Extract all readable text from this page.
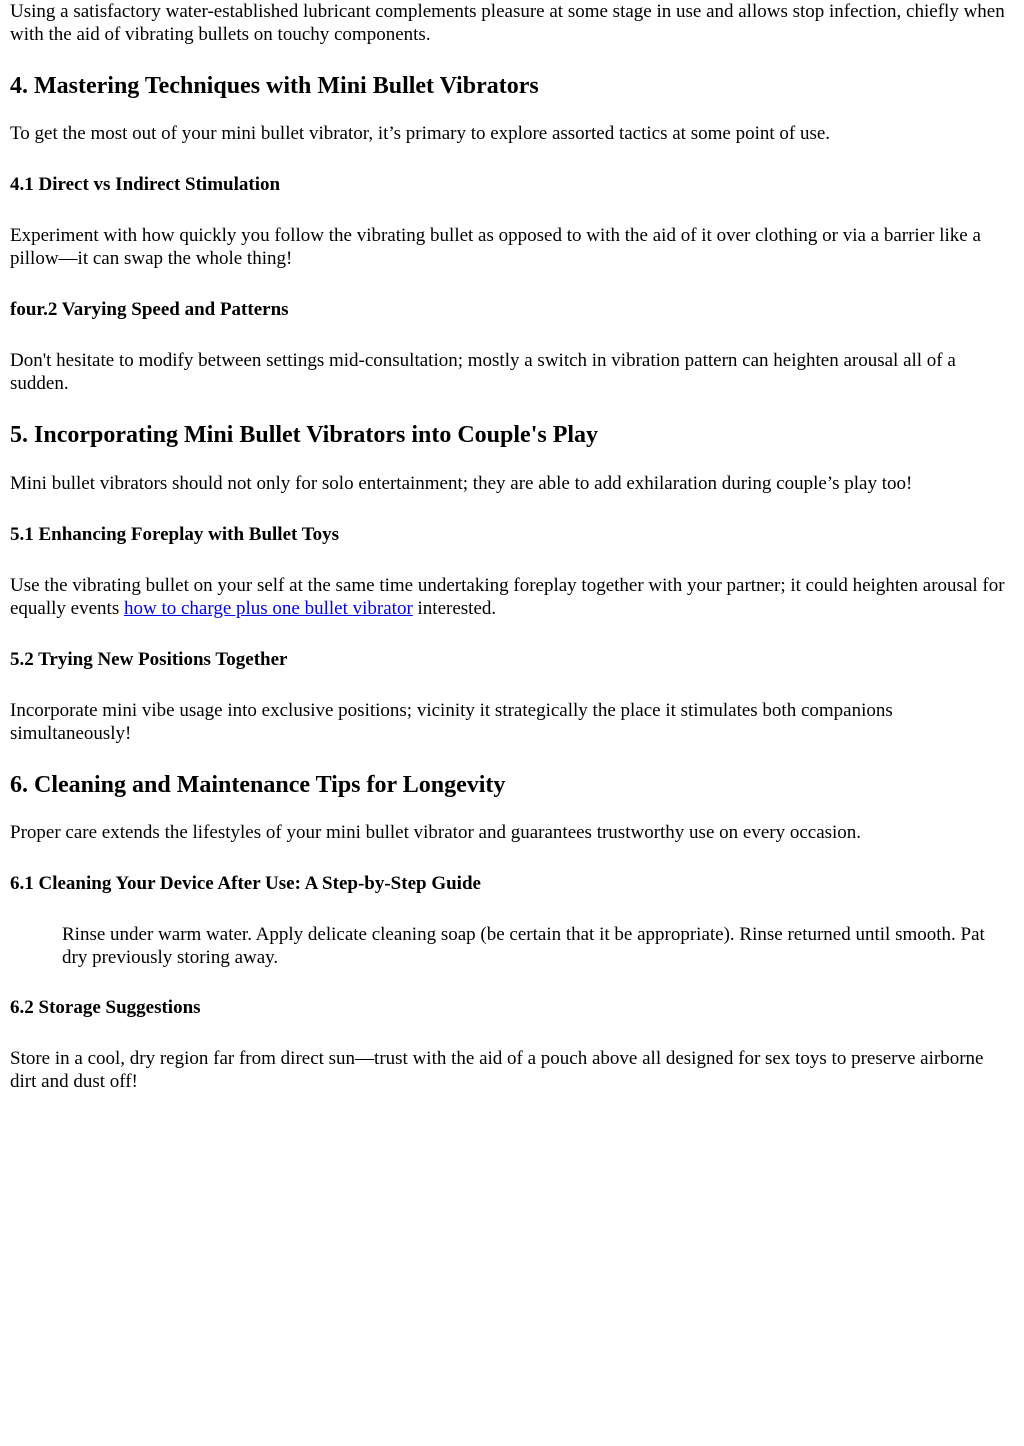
Using a satisfactory water-established lubricant complements pleasure at some stage in use and allows stop infection, chiefly when with the aid of vibrating bullets on touchy components.

4. Mastering Techniques with Mini Bullet Vibrators

To get the most out of your mini bullet vibrator, it’s primary to explore assorted tactics at some point of use.

4.1 Direct vs Indirect Stimulation

Experiment with how quickly you follow the vibrating bullet as opposed to with the aid of it over clothing or via a barrier like a pillow—it can swap the whole thing!

four.2 Varying Speed and Patterns

Don't hesitate to modify between settings mid-consultation; mostly a switch in vibration pattern can heighten arousal all of a sudden.

5. Incorporating Mini Bullet Vibrators into Couple's Play

Mini bullet vibrators should not only for solo entertainment; they are able to add exhilaration during couple’s play too!

5.1 Enhancing Foreplay with Bullet Toys

Use the vibrating bullet on your self at the same time undertaking foreplay together with your partner; it could heighten arousal for equally events how to charge plus one bullet vibrator interested.

5.2 Trying New Positions Together

Incorporate mini vibe usage into exclusive positions; vicinity it strategically the place it stimulates both companions simultaneously!

6. Cleaning and Maintenance Tips for Longevity

Proper care extends the lifestyles of your mini bullet vibrator and guarantees trustworthy use on every occasion.

6.1 Cleaning Your Device After Use: A Step-by-Step Guide

Rinse under warm water. Apply delicate cleaning soap (be certain that it be appropriate). Rinse returned until smooth. Pat dry previously storing away.

6.2 Storage Suggestions

Store in a cool, dry region far from direct sun—trust with the aid of a pouch above all designed for sex toys to preserve airborne dirt and dust off!
